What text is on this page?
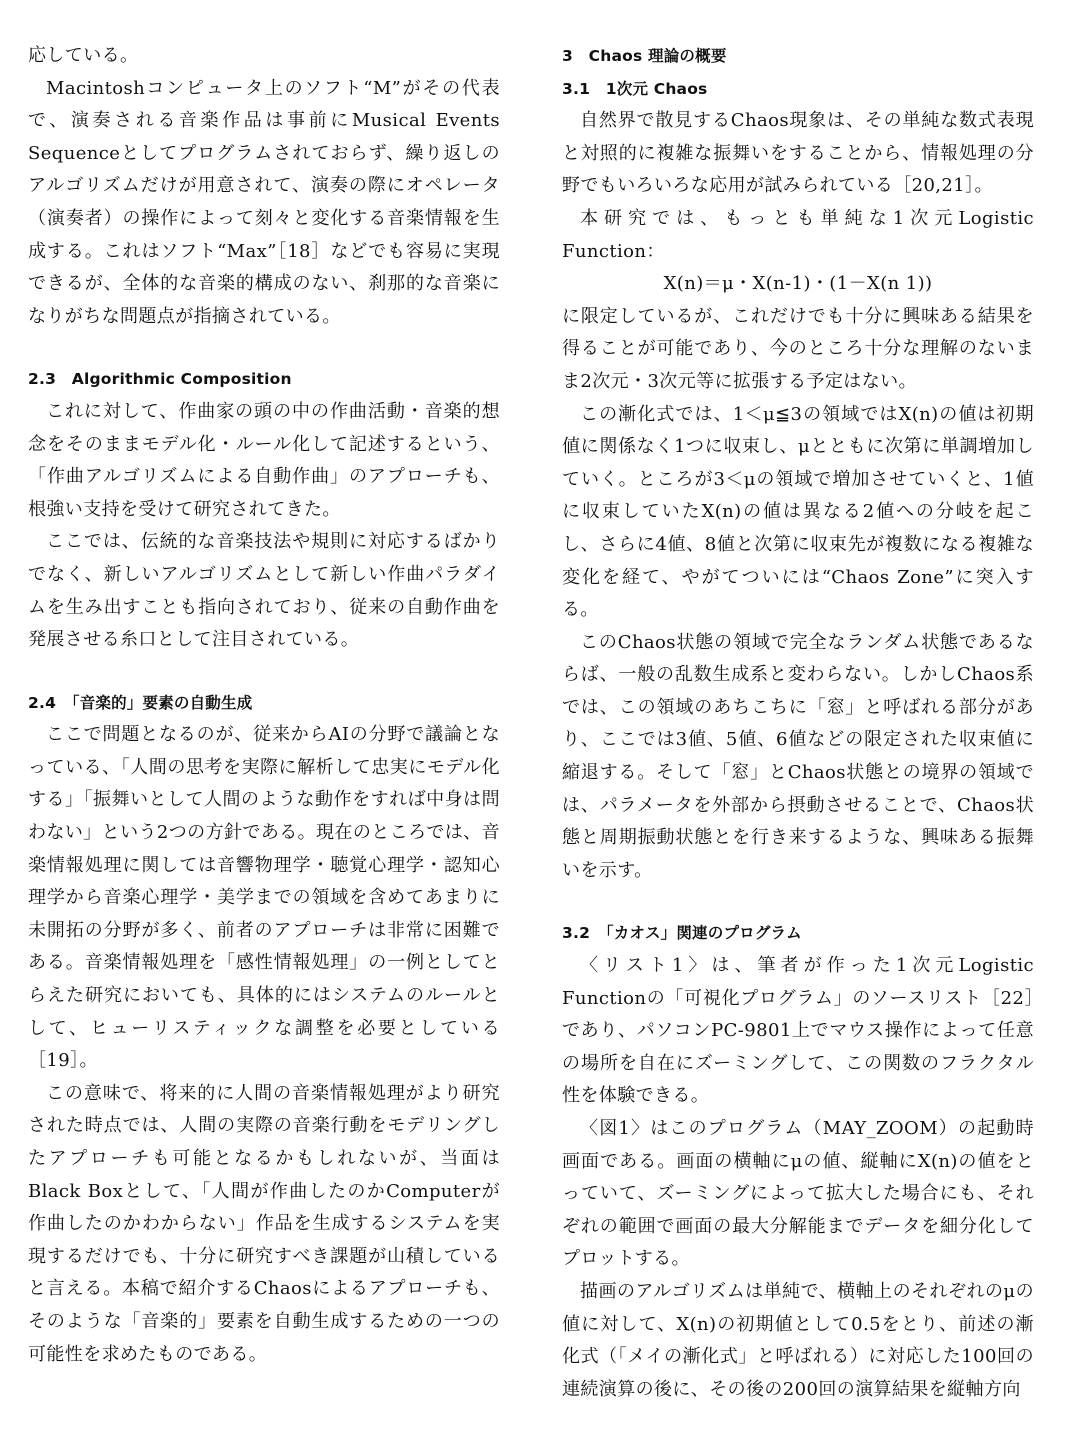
応している。

Macintoshコンピュータ上のソフト“M”がその代表で、演奏される音楽作品は事前にMusical Events Sequenceとしてプログラムされておらず、繰り返しのアルゴリズムだけが用意されて、演奏の際にオペレータ（演奏者）の操作によって刻々と変化する音楽情報を生成する。これはソフト“Max”［18］などでも容易に実現できるが、全体的な音楽的構成のない、刹那的な音楽になりがちな問題点が指摘されている。

2.3　Algorithmic Composition

これに対して、作曲家の頭の中の作曲活動・音楽的想念をそのままモデル化・ルール化して記述するという、「作曲アルゴリズムによる自動作曲」のアプローチも、根強い支持を受けて研究されてきた。

ここでは、伝統的な音楽技法や規則に対応するばかりでなく、新しいアルゴリズムとして新しい作曲パラダイムを生み出すことも指向されており、従来の自動作曲を発展させる糸口として注目されている。

2.4　「音楽的」要素の自動生成

ここで問題となるのが、従来からAIの分野で議論となっている、「人間の思考を実際に解析して忠実にモデル化する」「振舞いとして人間のような動作をすれば中身は問わない」という2つの方針である。現在のところでは、音楽情報処理に関しては音響物理学・聴覚心理学・認知心理学から音楽心理学・美学までの領域を含めてあまりに未開拓の分野が多く、前者のアプローチは非常に困難である。音楽情報処理を「感性情報処理」の一例としてとらえた研究においても、具体的にはシステムのルールとして、ヒューリスティックな調整を必要としている［19］。

この意味で、将来的に人間の音楽情報処理がより研究された時点では、人間の実際の音楽行動をモデリングしたアプローチも可能となるかもしれないが、当面はBlack Boxとして、「人間が作曲したのかComputerが作曲したのかわからない」作品を生成するシステムを実現するだけでも、十分に研究すべき課題が山積していると言える。本稿で紹介するChaosによるアプローチも、そのような「音楽的」要素を自動生成するための一つの可能性を求めたものである。

3　Chaos 理論の概要
3.1　1次元 Chaos

自然界で散見するChaos現象は、その単純な数式表現と対照的に複雑な振舞いをすることから、情報処理の分野でもいろいろな応用が試みられている［20,21］。

本研究では、もっとも単純な1次元Logistic Function：

X(n)＝μ・X(n-1)・(1－X(n 1))

に限定しているが、これだけでも十分に興味ある結果を得ることが可能であり、今のところ十分な理解のないまま2次元・3次元等に拡張する予定はない。

この漸化式では、1＜μ≦3の領域ではX(n)の値は初期値に関係なく1つに収束し、μとともに次第に単調増加していく。ところが3＜μの領域で増加させていくと、1値に収束していたX(n)の値は異なる2値への分岐を起こし、さらに4値、8値と次第に収束先が複数になる複雑な変化を経て、やがてついには“Chaos Zone”に突入する。

このChaos状態の領域で完全なランダム状態であるならば、一般の乱数生成系と変わらない。しかしChaos系では、この領域のあちこちに「窓」と呼ばれる部分があり、ここでは3値、5値、6値などの限定された収束値に縮退する。そして「窓」とChaos状態との境界の領域では、パラメータを外部から摂動させることで、Chaos状態と周期振動状態とを行き来するような、興味ある振舞いを示す。

3.2　「カオス」関連のプログラム

〈リスト1〉は、筆者が作った1次元Logistic Functionの「可視化プログラム」のソースリスト［22］であり、パソコンPC-9801上でマウス操作によって任意の場所を自在にズーミングして、この関数のフラクタル性を体験できる。

〈図1〉はこのプログラム（MAY_ZOOM）の起動時画面である。画面の横軸にμの値、縦軸にX(n)の値をとっていて、ズーミングによって拡大した場合にも、それぞれの範囲で画面の最大分解能までデータを細分化してプロットする。

描画のアルゴリズムは単純で、横軸上のそれぞれのμの値に対して、X(n)の初期値として0.5をとり、前述の漸化式（「メイの漸化式」と呼ばれる）に対応した100回の連続演算の後に、その後の200回の演算結果を縦軸方向
